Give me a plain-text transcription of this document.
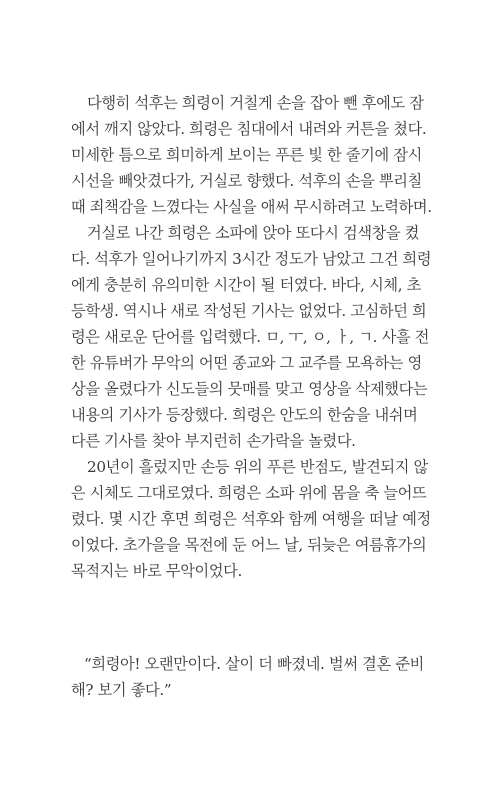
다행히 석후는 희령이 거칠게 손을 잡아 뺀 후에도 잠
에서 깨지 않았다. 희령은 침대에서 내려와 커튼을 쳤다.
미세한 틈으로 희미하게 보이는 푸른 빛 한 줄기에 잠시
시선을 빼앗겼다가, 거실로 향했다. 석후의 손을 뿌리칠
때 죄책감을 느꼈다는 사실을 애써 무시하려고 노력하며.
거실로 나간 희령은 소파에 앉아 또다시 검색창을 켰
다. 석후가 일어나기까지 3시간 정도가 남았고 그건 희령
에게 충분히 유의미한 시간이 될 터였다. 바다, 시체, 초
등학생. 역시나 새로 작성된 기사는 없었다. 고심하던 희
령은 새로운 단어를 입력했다. ㅁ, ㅜ, ㅇ, ㅏ, ㄱ. 사흘 전
한 유튜버가 무악의 어떤 종교와 그 교주를 모욕하는 영
상을 올렸다가 신도들의 뭇매를 맞고 영상을 삭제했다는
내용의 기사가 등장했다. 희령은 안도의 한숨을 내쉬며
다른 기사를 찾아 부지런히 손가락을 놀렸다.
20년이 흘렀지만 손등 위의 푸른 반점도, 발견되지 않
은 시체도 그대로였다. 희령은 소파 위에 몸을 축 늘어뜨
렸다. 몇 시간 후면 희령은 석후와 함께 여행을 떠날 예정
이었다. 초가을을 목전에 둔 어느 날, 뒤늦은 여름휴가의
목적지는 바로 무악이었다.
“희령아! 오랜만이다. 살이 더 빠졌네. 벌써 결혼 준비
해? 보기 좋다.”
